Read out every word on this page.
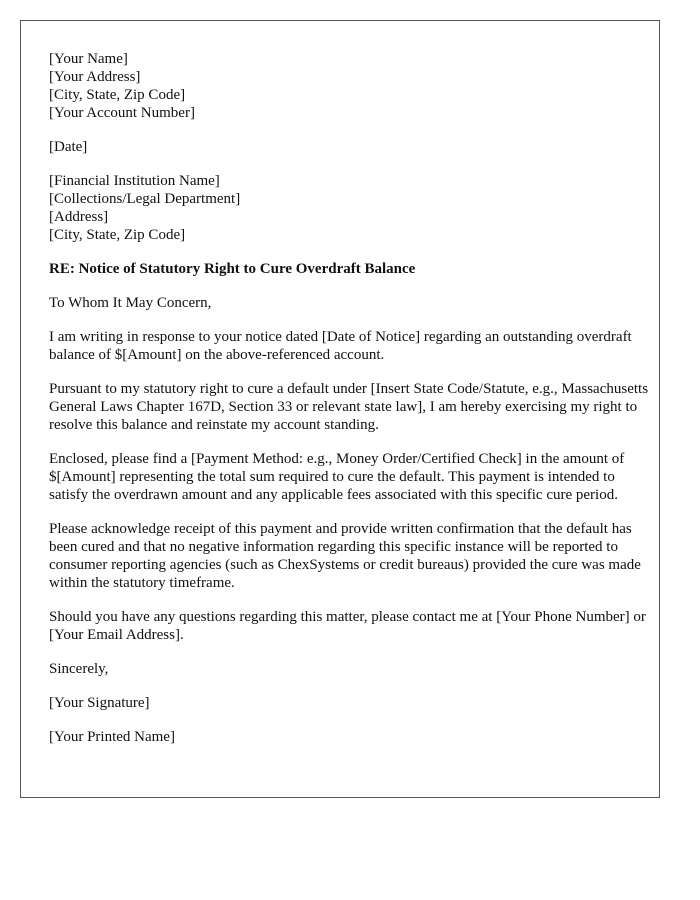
[Your Name]
[Your Address]
[City, State, Zip Code]
[Your Account Number]
[Date]
[Financial Institution Name]
[Collections/Legal Department]
[Address]
[City, State, Zip Code]
RE: Notice of Statutory Right to Cure Overdraft Balance

To Whom It May Concern,

I am writing in response to your notice dated [Date of Notice] regarding an outstanding overdraft balance of $[Amount] on the above-referenced account.

Pursuant to my statutory right to cure a default under [Insert State Code/Statute, e.g., Massachusetts General Laws Chapter 167D, Section 33 or relevant state law], I am hereby exercising my right to resolve this balance and reinstate my account standing.

Enclosed, please find a [Payment Method: e.g., Money Order/Certified Check] in the amount of $[Amount] representing the total sum required to cure the default. This payment is intended to satisfy the overdrawn amount and any applicable fees associated with this specific cure period.

Please acknowledge receipt of this payment and provide written confirmation that the default has been cured and that no negative information regarding this specific instance will be reported to consumer reporting agencies (such as ChexSystems or credit bureaus) provided the cure was made within the statutory timeframe.

Should you have any questions regarding this matter, please contact me at [Your Phone Number] or [Your Email Address].

Sincerely,

[Your Signature]

[Your Printed Name]
